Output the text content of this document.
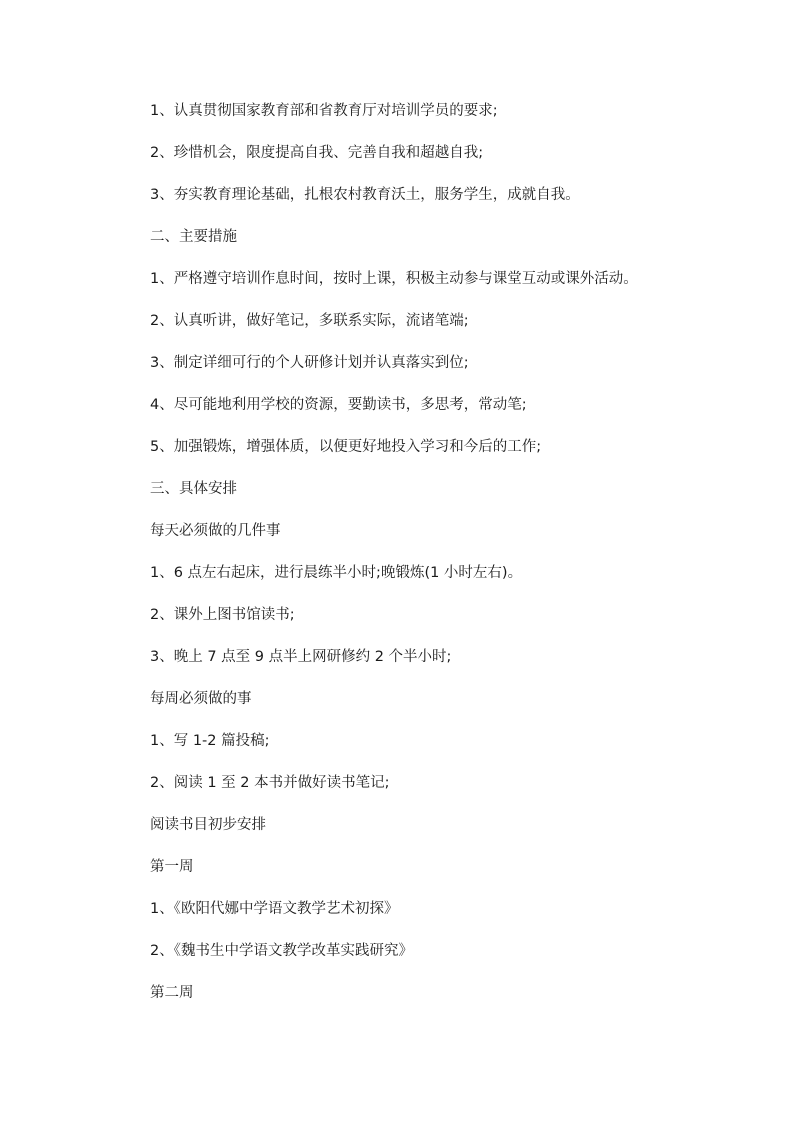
1、认真贯彻国家教育部和省教育厅对培训学员的要求;
2、珍惜机会，限度提高自我、完善自我和超越自我;
3、夯实教育理论基础，扎根农村教育沃土，服务学生，成就自我。
二、主要措施
1、严格遵守培训作息时间，按时上课，积极主动参与课堂互动或课外活动。
2、认真听讲，做好笔记，多联系实际，流诸笔端;
3、制定详细可行的个人研修计划并认真落实到位;
4、尽可能地利用学校的资源，要勤读书，多思考，常动笔;
5、加强锻炼，增强体质，以便更好地投入学习和今后的工作;
三、具体安排
每天必须做的几件事
1、6 点左右起床，进行晨练半小时;晚锻炼(1 小时左右)。
2、课外上图书馆读书;
3、晚上 7 点至 9 点半上网研修约 2 个半小时;
每周必须做的事
1、写 1-2 篇投稿;
2、阅读 1 至 2 本书并做好读书笔记;
阅读书目初步安排
第一周
1、《欧阳代娜中学语文教学艺术初探》
2、《魏书生中学语文教学改革实践研究》
第二周
